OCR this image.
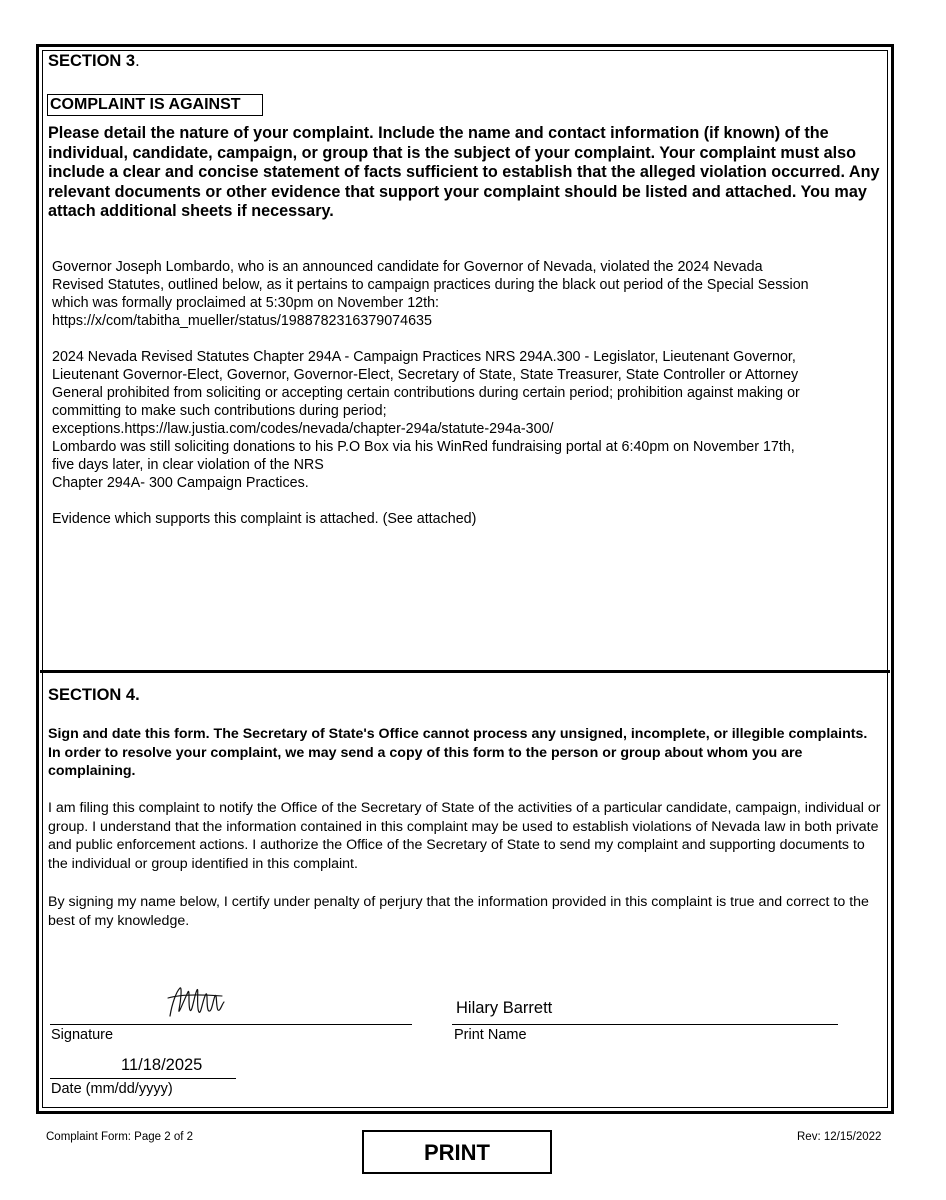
SECTION 3.
COMPLAINT IS AGAINST
Please detail the nature of your complaint. Include the name and contact information (if known) of the individual, candidate, campaign, or group that is the subject of your complaint. Your complaint must also include a clear and concise statement of facts sufficient to establish that the alleged violation occurred. Any relevant documents or other evidence that support your complaint should be listed and attached. You may attach additional sheets if necessary.

Governor Joseph Lombardo, who is an announced candidate for Governor of Nevada, violated the 2024 Nevada
Revised Statutes, outlined below, as it pertains to campaign practices during the black out period of the Special Session
which was formally proclaimed at 5:30pm on November 12th:
https://x/com/tabitha_mueller/status/1988782316379074635

2024 Nevada Revised Statutes Chapter 294A - Campaign Practices NRS 294A.300 - Legislator, Lieutenant Governor,
Lieutenant Governor-Elect, Governor, Governor-Elect, Secretary of State, State Treasurer, State Controller or Attorney
General prohibited from soliciting or accepting certain contributions during certain period; prohibition against making or
committing to make such contributions during period;
exceptions.https://law.justia.com/codes/nevada/chapter-294a/statute-294a-300/
Lombardo was still soliciting donations to his P.O Box via his WinRed fundraising portal at 6:40pm on November 17th,
five days later, in clear violation of the NRS
Chapter 294A- 300 Campaign Practices.

Evidence which supports this complaint is attached. (See attached)

SECTION 4.
Sign and date this form. The Secretary of State's Office cannot process any unsigned, incomplete, or illegible complaints. In order to resolve your complaint, we may send a copy of this form to the person or group about whom you are complaining.
I am filing this complaint to notify the Office of the Secretary of State of the activities of a particular candidate, campaign, individual or group. I understand that the information contained in this complaint may be used to establish violations of Nevada law in both private and public enforcement actions. I authorize the Office of the Secretary of State to send my complaint and supporting documents to the individual or group identified in this complaint.
By signing my name below, I certify under penalty of perjury that the information provided in this complaint is true and correct to the best of my knowledge.
Signature
Hilary Barrett
Print Name
11/18/2025
Date (mm/dd/yyyy)
Complaint Form: Page 2 of 2
PRINT
Rev: 12/15/2022
